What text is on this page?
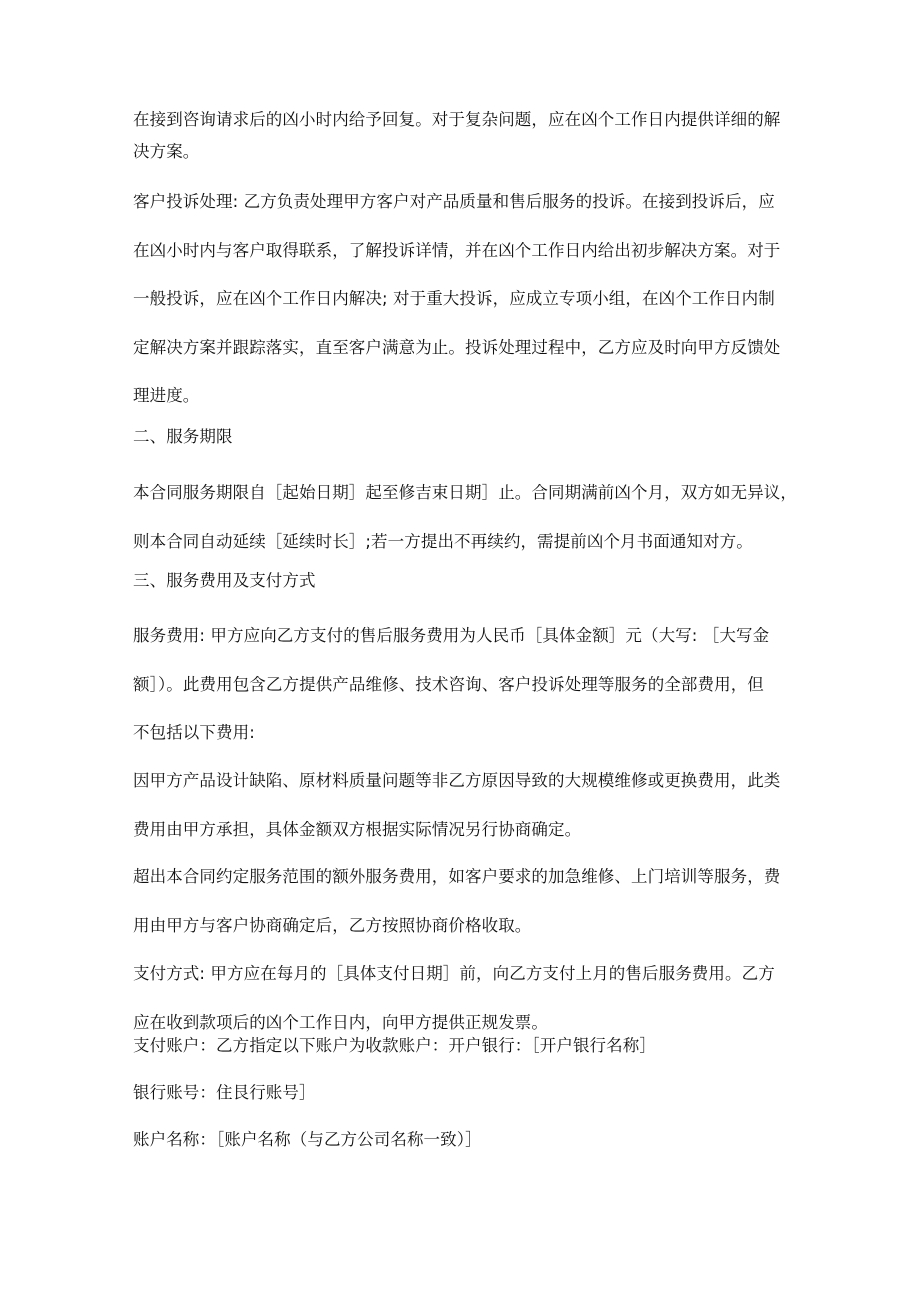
在接到咨询请求后的凶小时内给予回复。对于复杂问题，应在凶个工作日内提供详细的解
决方案。

客户投诉处理: 乙方负责处理甲方客户对产品质量和售后服务的投诉。在接到投诉后，应
在凶小时内与客户取得联系，了解投诉详情，并在凶个工作日内给出初步解决方案。对于
一般投诉，应在凶个工作日内解决; 对于重大投诉，应成立专项小组，在凶个工作日内制
定解决方案并跟踪落实，直至客户满意为止。投诉处理过程中，乙方应及时向甲方反馈处
理进度。

二、服务期限

本合同服务期限自［起始日期］起至修吉束日期］止。合同期满前凶个月，双方如无异议，
则本合同自动延续［延续时长］;若一方提出不再续约，需提前凶个月书面通知对方。

三、服务费用及支付方式

服务费用: 甲方应向乙方支付的售后服务费用为人民币［具体金额］元（大写: ［大写金
额］）。此费用包含乙方提供产品维修、技术咨询、客户投诉处理等服务的全部费用，但
不包括以下费用:

因甲方产品设计缺陷、原材料质量问题等非乙方原因导致的大规模维修或更换费用，此类
费用由甲方承担，具体金额双方根据实际情况另行协商确定。

超出本合同约定服务范围的额外服务费用，如客户要求的加急维修、上门培训等服务，费
用由甲方与客户协商确定后，乙方按照协商价格收取。

支付方式: 甲方应在每月的［具体支付日期］前，向乙方支付上月的售后服务费用。乙方
应在收到款项后的凶个工作日内，向甲方提供正规发票。

支付账户：乙方指定以下账户为收款账户：开户银行：［开户银行名称］

银行账号：住艮行账号］

账户名称：［账户名称（与乙方公司名称一致）］
